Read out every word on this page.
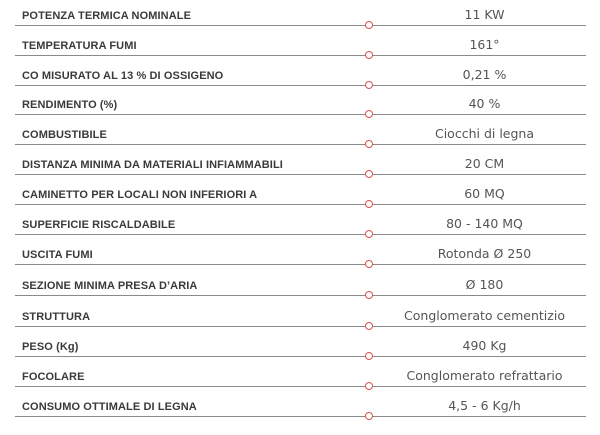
POTENZA TERMICA NOMINALE	11 KW
TEMPERATURA FUMI	161°
CO MISURATO AL 13 % DI OSSIGENO	0,21 %
RENDIMENTO (%)	40 %
COMBUSTIBILE	Ciocchi di legna
DISTANZA MINIMA DA MATERIALI INFIAMMABILI	20 CM
CAMINETTO PER LOCALI NON INFERIORI A	60 MQ
SUPERFICIE RISCALDABILE	80 - 140 MQ
USCITA FUMI	Rotonda Ø 250
SEZIONE MINIMA PRESA D’ARIA	Ø 180
STRUTTURA	Conglomerato cementizio
PESO (Kg)	490 Kg
FOCOLARE	Conglomerato refrattario
CONSUMO OTTIMALE DI LEGNA	4,5 - 6 Kg/h
